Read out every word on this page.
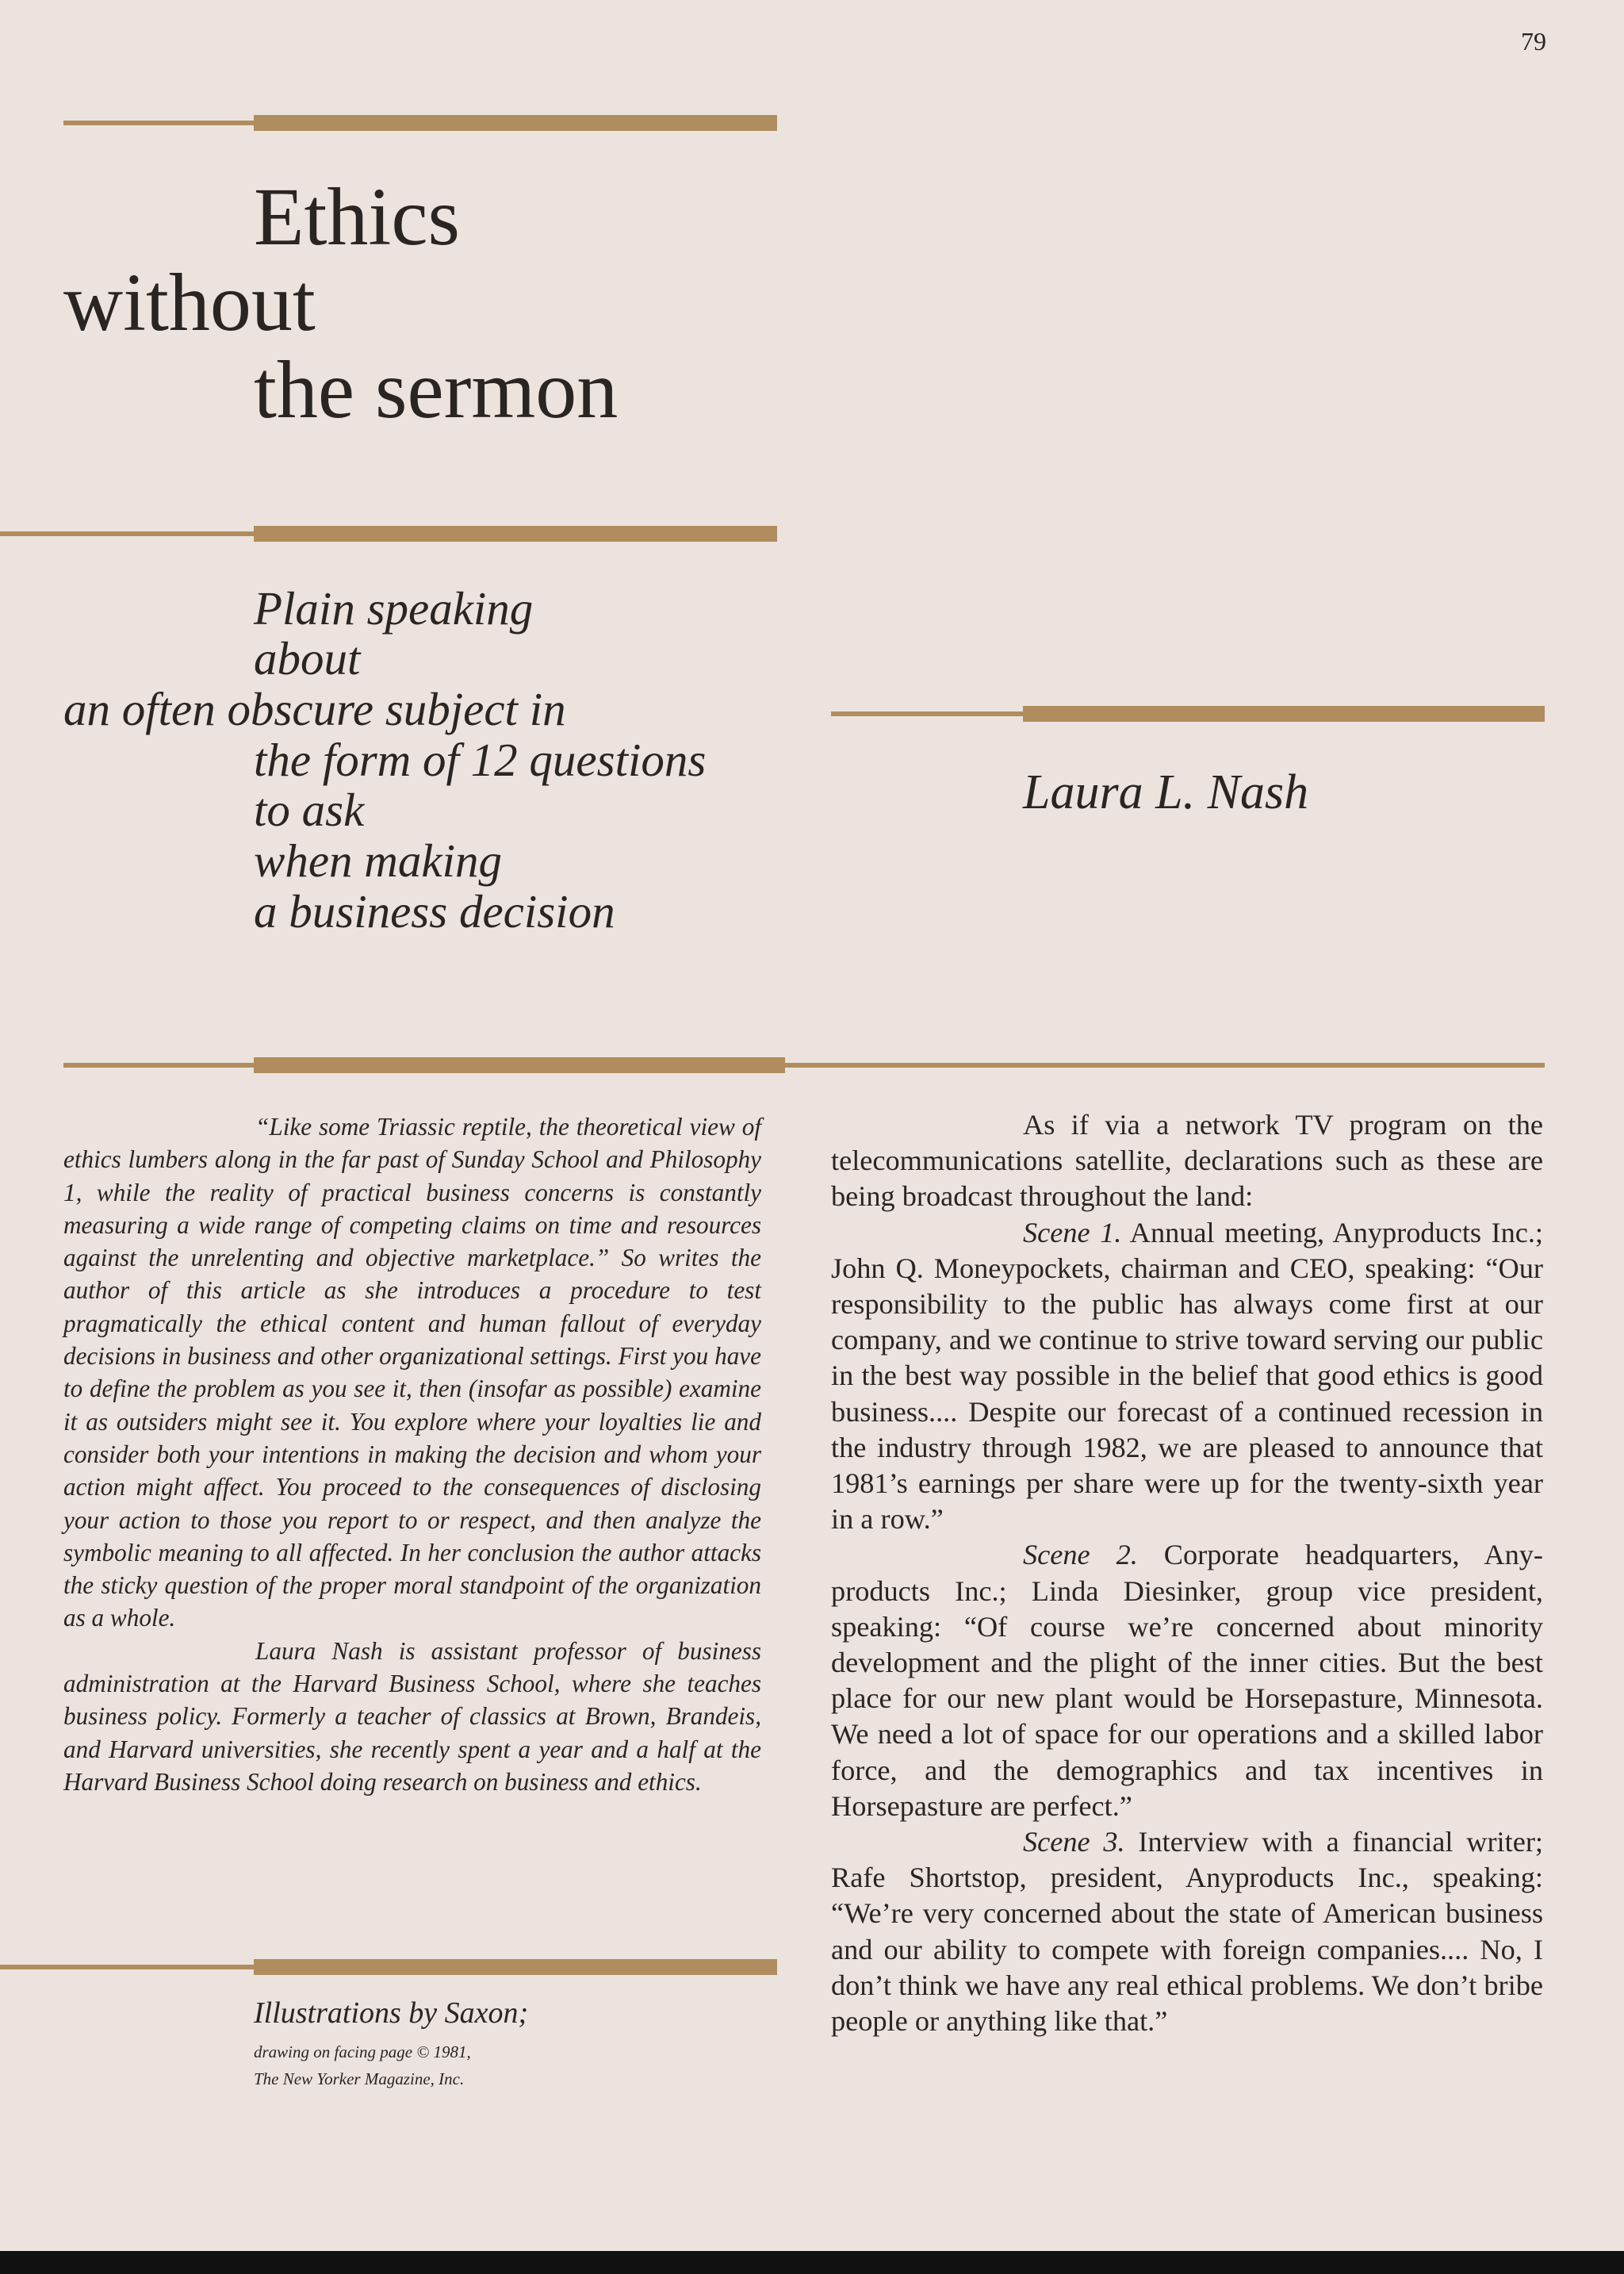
79
Ethics
without
the sermon
Plain speaking
about
an often obscure subject in
the form of 12 questions
to ask
when making
a business decision
Laura L. Nash

“Like some Triassic reptile, the theoretical view of ethics lumbers along in the far past of Sunday School and Philosophy 1, while the reality of practical business concerns is constantly measuring a wide range of competing claims on time and resources against the unrelenting and objective marketplace.” So writes the author of this article as she introduces a procedure to test pragmatically the ethical content and human fallout of everyday decisions in business and other organizational settings. First you have to define the problem as you see it, then (insofar as possible) examine it as outsiders might see it. You explore where your loyalties lie and consider both your intentions in making the decision and whom your action might affect. You proceed to the consequences of disclosing your action to those you report to or respect, and then analyze the symbolic meaning to all affected. In her conclusion the author attacks the sticky question of the proper moral standpoint of the organization as a whole.

Laura Nash is assistant professor of business administration at the Harvard Business School, where she teaches business policy. Formerly a teacher of classics at Brown, Brandeis, and Harvard universities, she recently spent a year and a half at the Harvard Business School doing research on business and ethics.

Illustrations by Saxon;
drawing on facing page © 1981,
The New Yorker Magazine, Inc.

As if via a network TV program on the telecommunications satellite, declarations such as these are being broadcast throughout the land:

Scene 1. Annual meeting, Anyproducts Inc.; John Q. Moneypockets, chairman and CEO, speaking: “Our responsibility to the public has always come first at our company, and we continue to strive toward serving our public in the best way possible in the belief that good ethics is good business.... Despite our forecast of a continued recession in the industry through 1982, we are pleased to announce that 1981’s earnings per share were up for the twenty-sixth year in a row.”

Scene 2. Corporate headquarters, Anyproducts Inc.; Linda Diesinker, group vice president, speaking: “Of course we’re concerned about minority development and the plight of the inner cities. But the best place for our new plant would be Horsepasture, Minnesota. We need a lot of space for our operations and a skilled labor force, and the demographics and tax incentives in Horsepasture are perfect.”

Scene 3. Interview with a financial writer; Rafe Shortstop, president, Anyproducts Inc., speaking: “We’re very concerned about the state of American business and our ability to compete with foreign companies.... No, I don’t think we have any real ethical problems. We don’t bribe people or anything like that.”
